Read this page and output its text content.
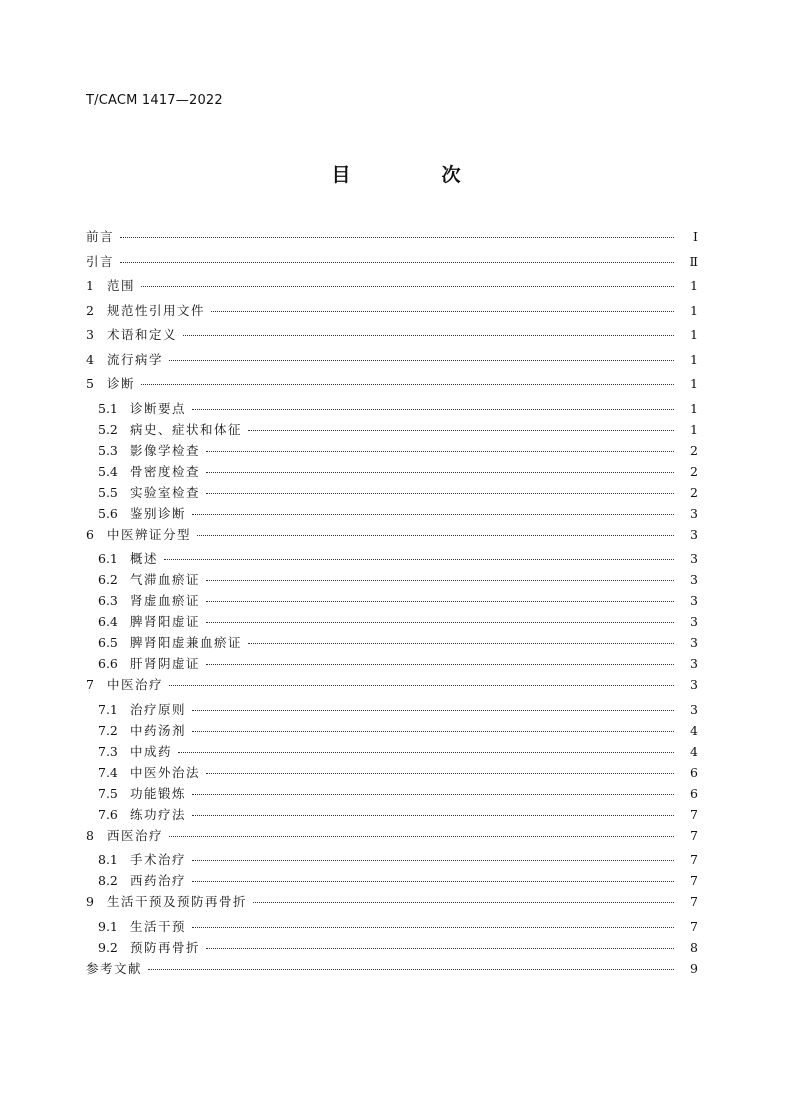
T/CACM 1417—2022
目　次
前言	Ⅰ
引言	Ⅱ
1	范围	1
2	规范性引用文件	1
3	术语和定义	1
4	流行病学	1
5	诊断	1
5.1 诊断要点	1
5.2 病史、症状和体征	1
5.3 影像学检查	2
5.4 骨密度检查	2
5.5 实验室检查	2
5.6 鉴别诊断	3
6	中医辨证分型	3
6.1 概述	3
6.2 气滞血瘀证	3
6.3 肾虚血瘀证	3
6.4 脾肾阳虚证	3
6.5 脾肾阳虚兼血瘀证	3
6.6 肝肾阴虚证	3
7	中医治疗	3
7.1 治疗原则	3
7.2 中药汤剂	4
7.3 中成药	4
7.4 中医外治法	6
7.5 功能锻炼	6
7.6 练功疗法	7
8	西医治疗	7
8.1 手术治疗	7
8.2 西药治疗	7
9	生活干预及预防再骨折	7
9.1 生活干预	7
9.2 预防再骨折	8
参考文献	9
